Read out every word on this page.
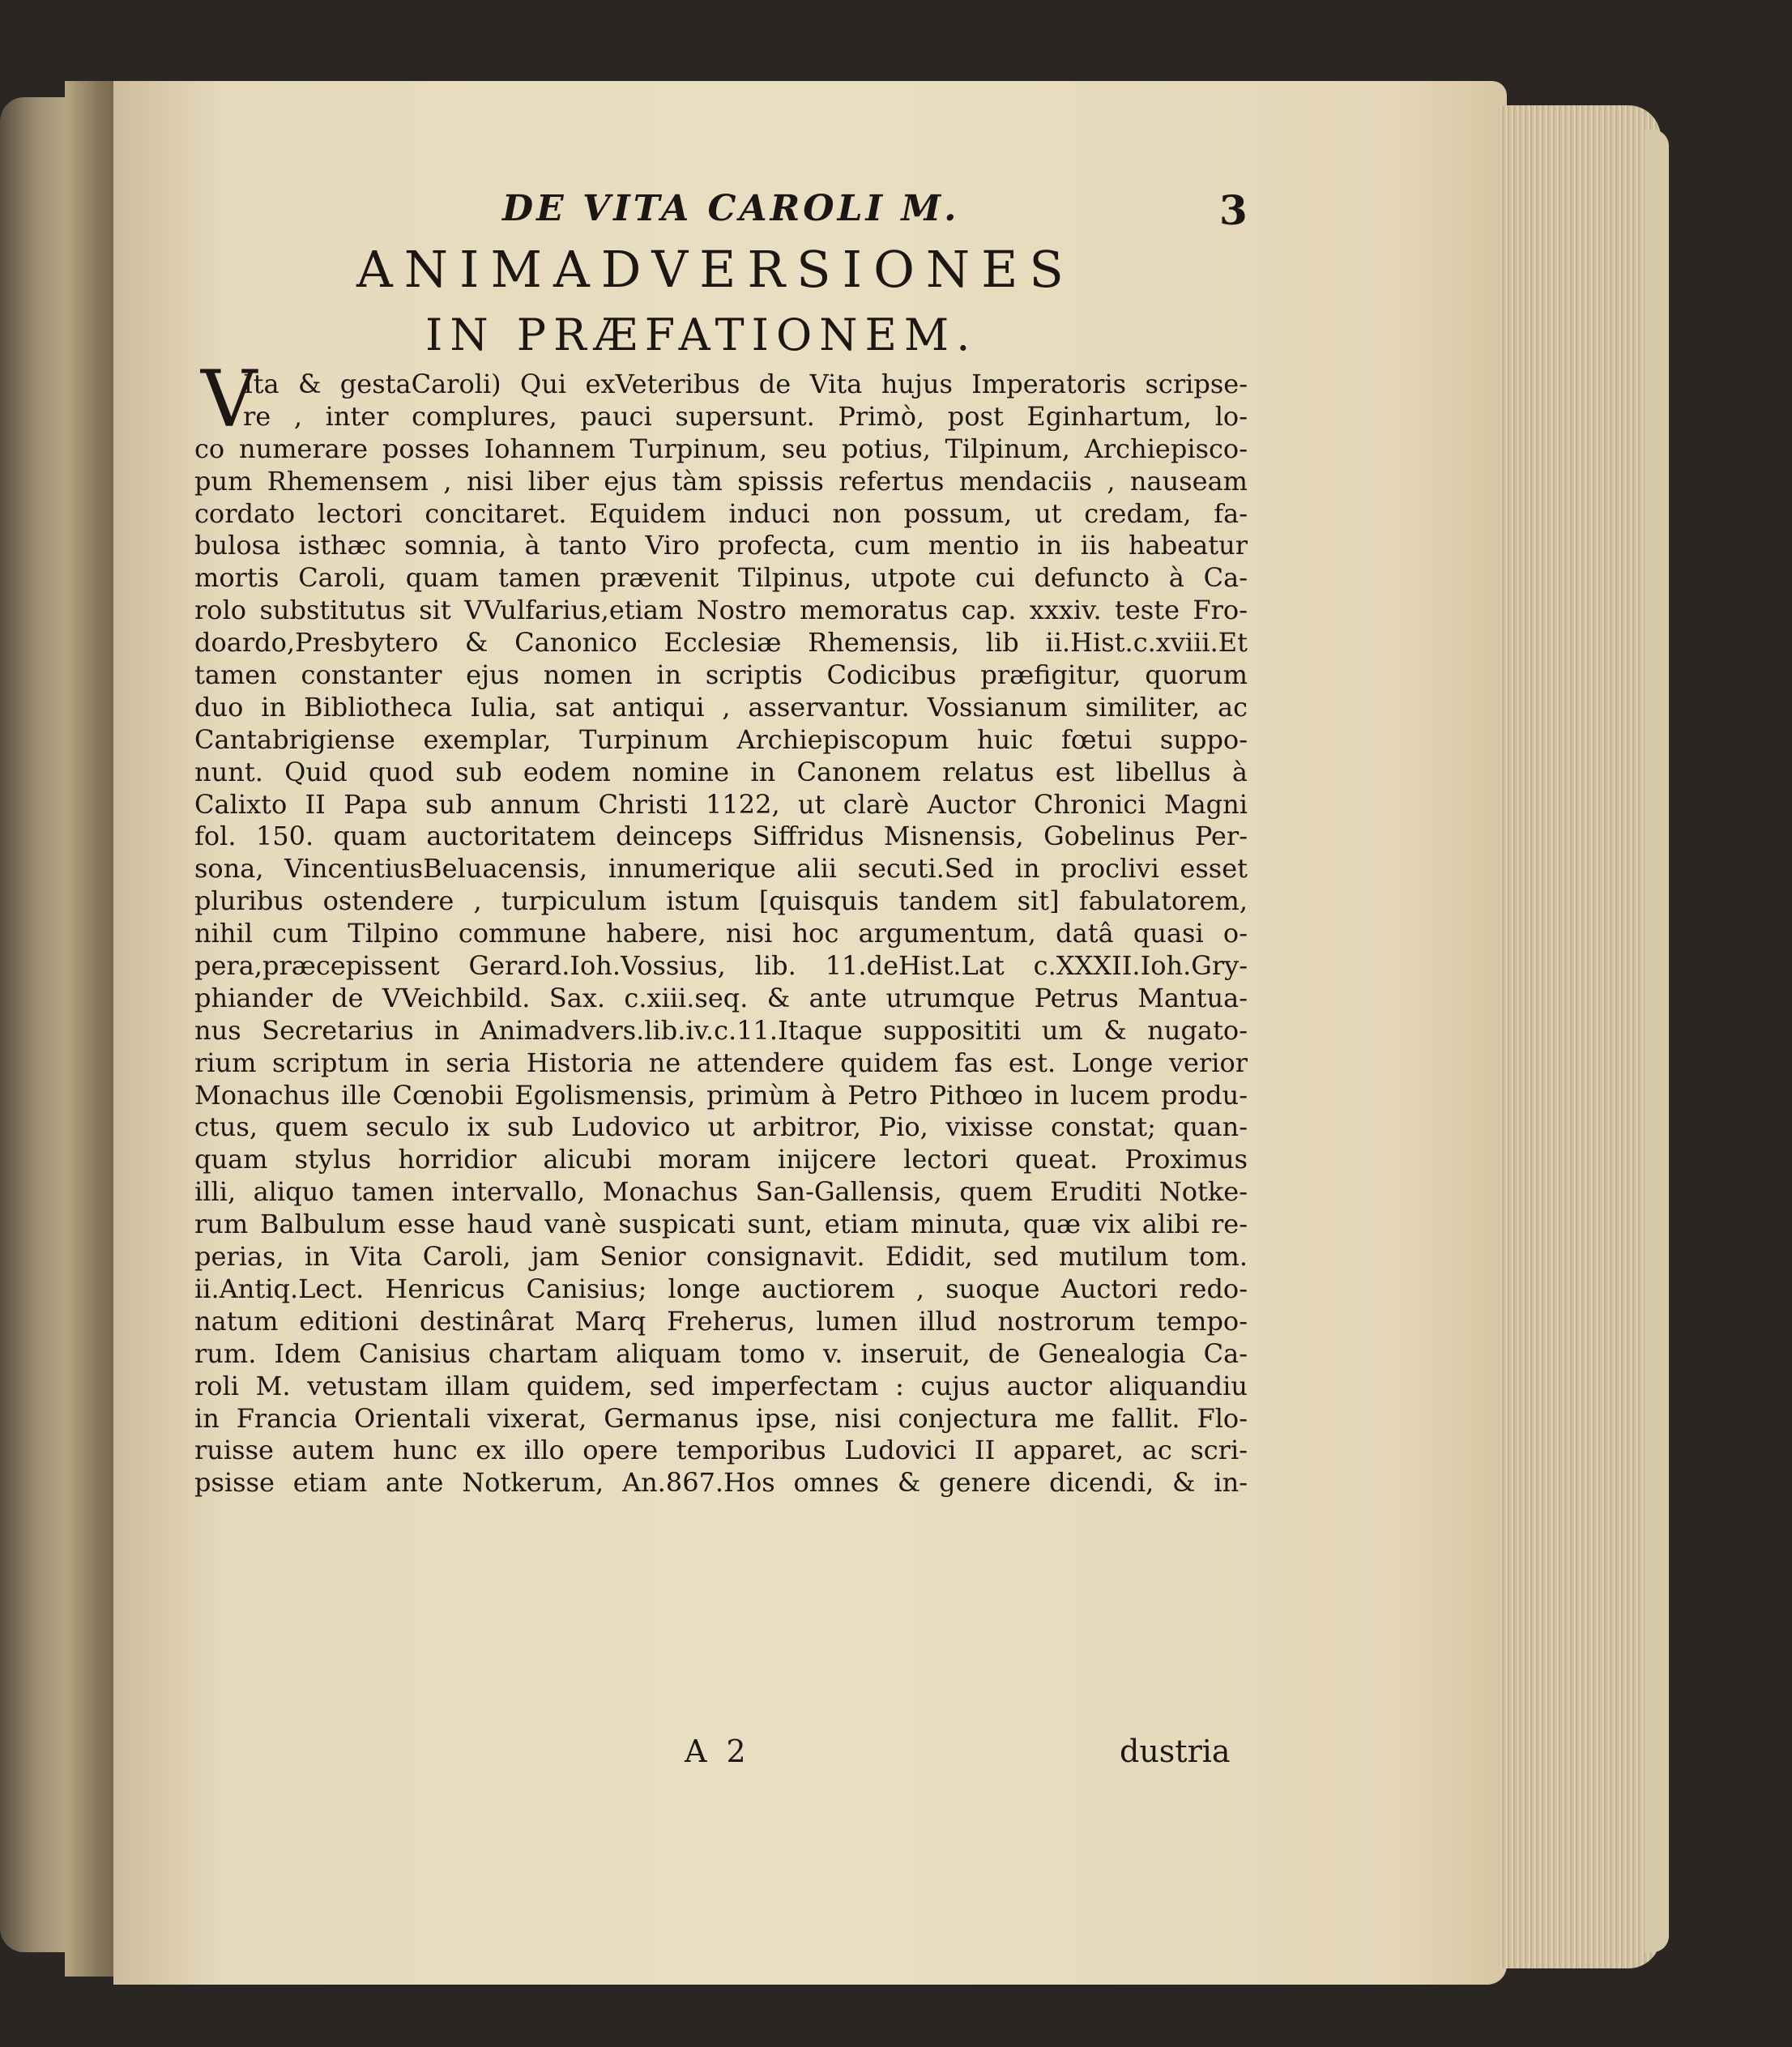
DE VITA CAROLI M.	3
ANIMADVERSIONES
IN PRÆFATIONEM.
V
Ita & gestaCaroli) Qui exVeteribus de Vita hujus Imperatoris scripse-
re , inter complures, pauci supersunt. Primò, post Eginhartum, lo-
co numerare posses Iohannem Turpinum, seu potius, Tilpinum, Archiepisco-
pum Rhemensem , nisi liber ejus tàm spissis refertus mendaciis , nauseam
cordato lectori concitaret. Equidem induci non possum, ut credam, fa-
bulosa isthæc somnia, à tanto Viro profecta, cum mentio in iis habeatur
mortis Caroli, quam tamen prævenit Tilpinus, utpote cui defuncto à Ca-
rolo substitutus sit VVulfarius,etiam Nostro memoratus cap. xxxiv. teste Fro-
doardo,Presbytero & Canonico Ecclesiæ Rhemensis, lib ii.Hist.c.xviii.Et
tamen constanter ejus nomen in scriptis Codicibus præfigitur, quorum
duo in Bibliotheca Iulia, sat antiqui , asservantur. Vossianum similiter, ac
Cantabrigiense exemplar, Turpinum Archiepiscopum huic fœtui suppo-
nunt. Quid quod sub eodem nomine in Canonem relatus est libellus à
Calixto II Papa sub annum Christi 1122, ut clarè Auctor Chronici Magni
fol. 150. quam auctoritatem deinceps Siffridus Misnensis, Gobelinus Per-
sona, VincentiusBeluacensis, innumerique alii secuti.Sed in proclivi esset
pluribus ostendere , turpiculum istum [quisquis tandem sit] fabulatorem,
nihil cum Tilpino commune habere, nisi hoc argumentum, datâ quasi o-
pera,præcepissent Gerard.Ioh.Vossius, lib. 11.deHist.Lat c.XXXII.Ioh.Gry-
phiander de VVeichbild. Sax. c.xiii.seq. & ante utrumque Petrus Mantua-
nus Secretarius in Animadvers.lib.iv.c.11.Itaque supposititi um & nugato-
rium scriptum in seria Historia ne attendere quidem fas est. Longe verior
Monachus ille Cœnobii Egolismensis, primùm à Petro Pithœo in lucem produ-
ctus, quem seculo ix sub Ludovico ut arbitror, Pio, vixisse constat; quan-
quam stylus horridior alicubi moram inijcere lectori queat. Proximus
illi, aliquo tamen intervallo, Monachus San-Gallensis, quem Eruditi Notke-
rum Balbulum esse haud vanè suspicati sunt, etiam minuta, quæ vix alibi re-
perias, in Vita Caroli, jam Senior consignavit. Edidit, sed mutilum tom.
ii.Antiq.Lect. Henricus Canisius; longe auctiorem , suoque Auctori redo-
natum editioni destinârat Marq Freherus, lumen illud nostrorum tempo-
rum. Idem Canisius chartam aliquam tomo v. inseruit, de Genealogia Ca-
roli M. vetustam illam quidem, sed imperfectam : cujus auctor aliquandiu
in Francia Orientali vixerat, Germanus ipse, nisi conjectura me fallit. Flo-
ruisse autem hunc ex illo opere temporibus Ludovici II apparet, ac scri-
psisse etiam ante Notkerum, An.867.Hos omnes & genere dicendi, & in-
A 2	dustria
